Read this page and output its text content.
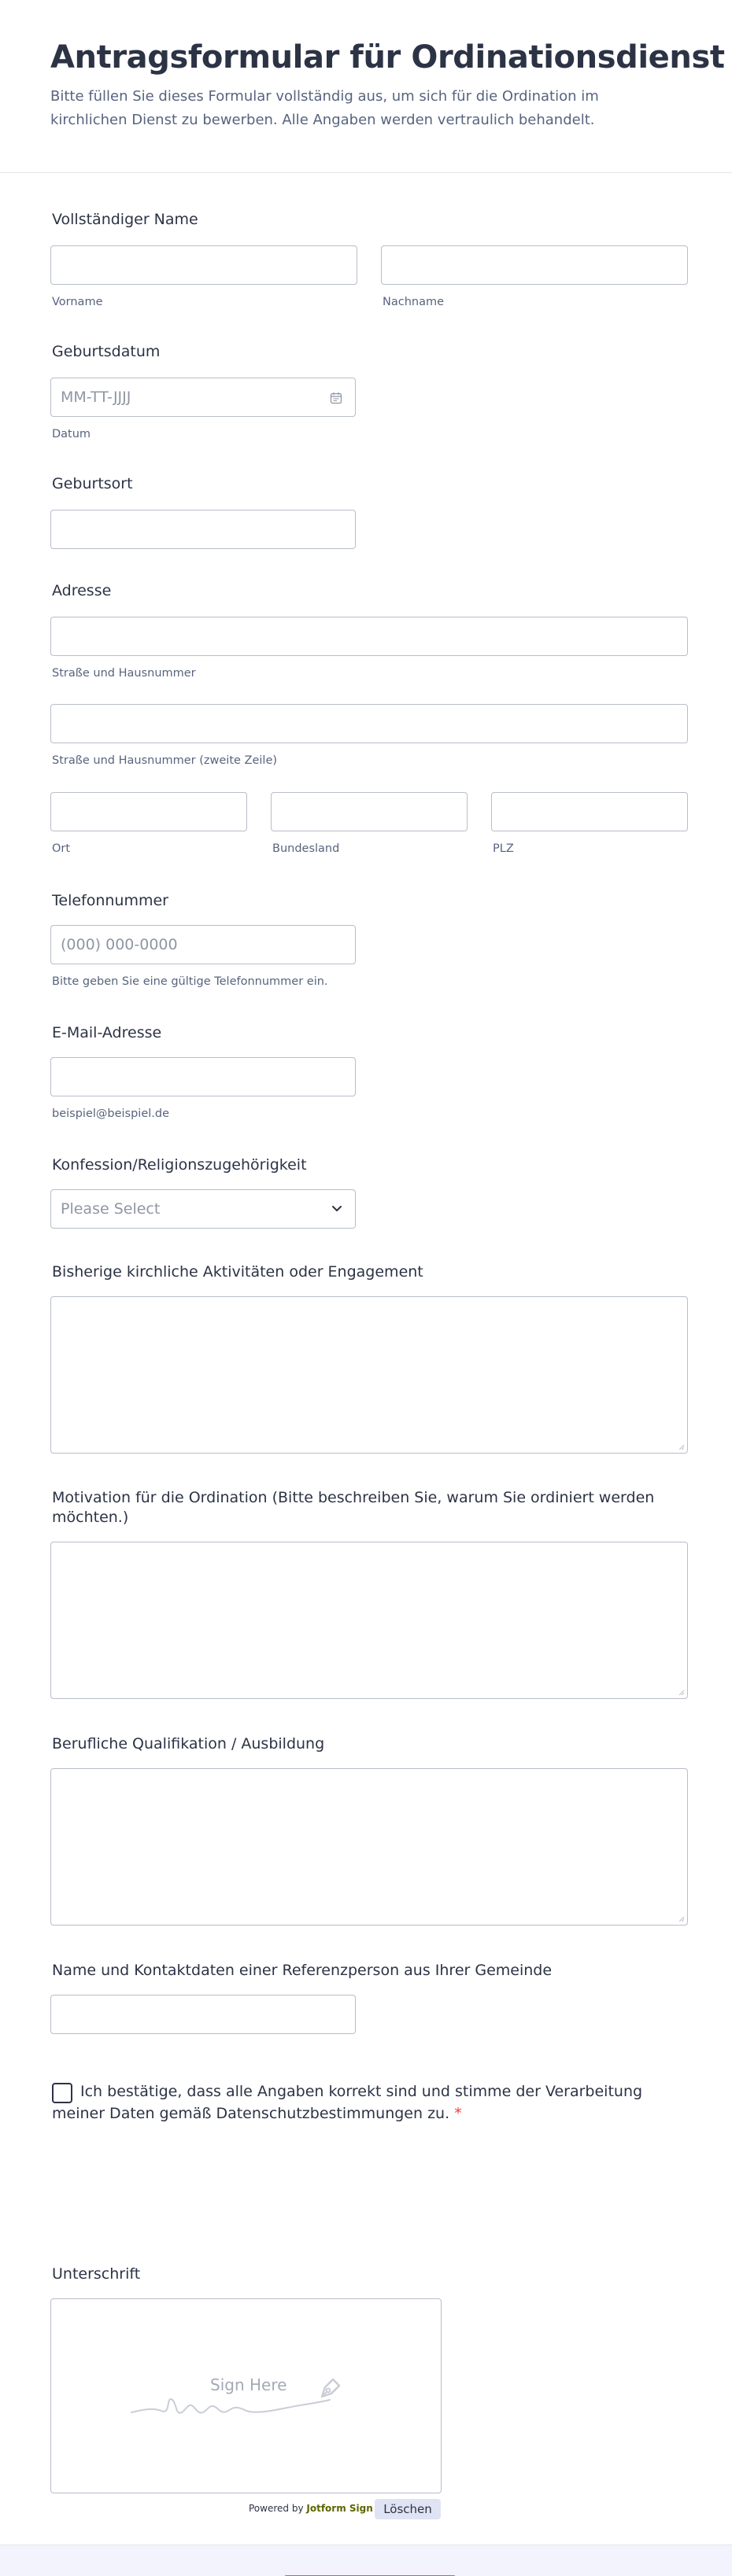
Antragsformular für Ordinationsdienst
Bitte füllen Sie dieses Formular vollständig aus, um sich für die Ordination im kirchlichen Dienst zu bewerben. Alle Angaben werden vertraulich behandelt.
Vollständiger Name
Vorname	Nachname
Geburtsdatum
MM-TT-JJJJ
Datum
Geburtsort
Adresse
Straße und Hausnummer
Straße und Hausnummer (zweite Zeile)
Ort	Bundesland	PLZ
Telefonnummer
(000) 000-0000
Bitte geben Sie eine gültige Telefonnummer ein.
E-Mail-Adresse
beispiel@beispiel.de
Konfession/Religionszugehörigkeit
Please Select
Bisherige kirchliche Aktivitäten oder Engagement
Motivation für die Ordination (Bitte beschreiben Sie, warum Sie ordiniert werden möchten.)
Berufliche Qualifikation / Ausbildung
Name und Kontaktdaten einer Referenzperson aus Ihrer Gemeinde
Ich bestätige, dass alle Angaben korrekt sind und stimme der Verarbeitung meiner Daten gemäß Datenschutzbestimmungen zu. *
Unterschrift
Sign Here
Powered by Jotform Sign Löschen
